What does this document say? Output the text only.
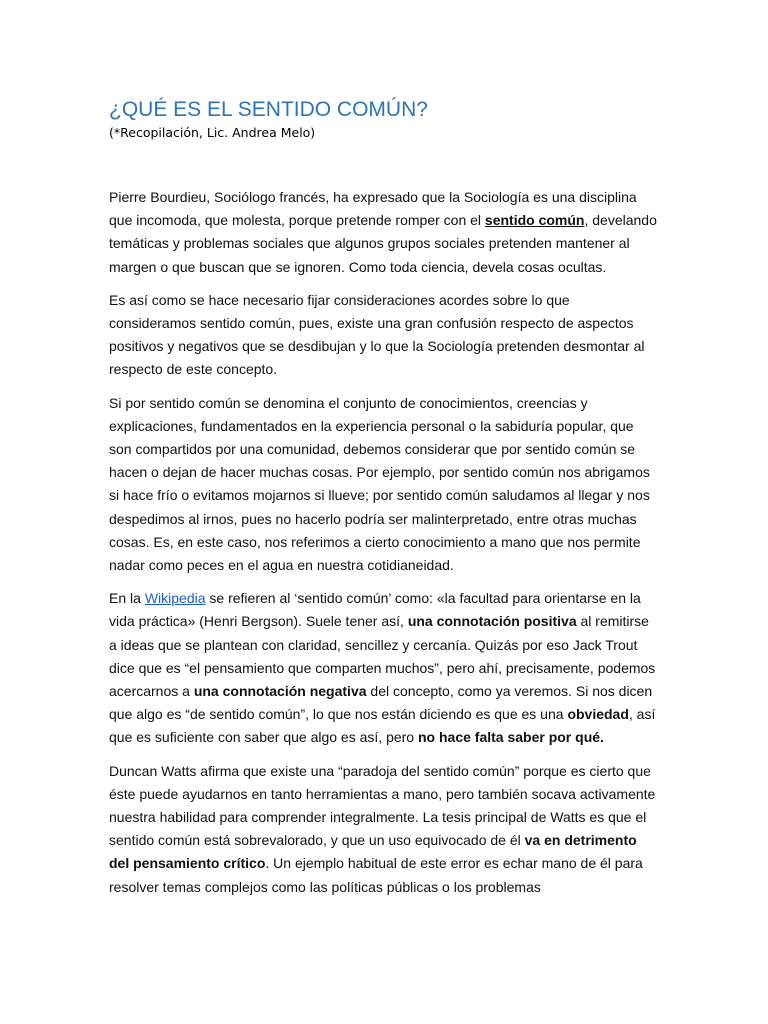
¿QUÉ ES EL SENTIDO COMÚN?

(*Recopilación, Lic. Andrea Melo)

Pierre Bourdieu, Sociólogo francés, ha expresado que la Sociología es una disciplina que incomoda, que molesta, porque pretende romper con el sentido común, develando temáticas y problemas sociales que algunos grupos sociales pretenden mantener al margen o que buscan que se ignoren. Como toda ciencia, devela cosas ocultas.

Es así como se hace necesario fijar consideraciones acordes sobre lo que consideramos sentido común, pues, existe una gran confusión respecto de aspectos positivos y negativos que se desdibujan y lo que la Sociología pretenden desmontar al respecto de este concepto.

Si por sentido común se denomina el conjunto de conocimientos, creencias y explicaciones, fundamentados en la experiencia personal o la sabiduría popular, que son compartidos por una comunidad, debemos considerar que por sentido común se hacen o dejan de hacer muchas cosas. Por ejemplo, por sentido común nos abrigamos si hace frío o evitamos mojarnos si llueve; por sentido común saludamos al llegar y nos despedimos al irnos, pues no hacerlo podría ser malinterpretado, entre otras muchas cosas. Es, en este caso, nos referimos a cierto conocimiento a mano que nos permite nadar como peces en el agua en nuestra cotidianeidad.

En la Wikipedia se refieren al ‘sentido común’ como: «la facultad para orientarse en la vida práctica» (Henri Bergson). Suele tener así, una connotación positiva al remitirse a ideas que se plantean con claridad, sencillez y cercanía. Quizás por eso Jack Trout dice que es “el pensamiento que comparten muchos”, pero ahí, precisamente, podemos acercarnos a una connotación negativa del concepto, como ya veremos. Si nos dicen que algo es “de sentido común”, lo que nos están diciendo es que es una obviedad, así que es suficiente con saber que algo es así, pero no hace falta saber por qué.

Duncan Watts afirma que existe una “paradoja del sentido común” porque es cierto que éste puede ayudarnos en tanto herramientas a mano, pero también socava activamente nuestra habilidad para comprender integralmente. La tesis principal de Watts es que el sentido común está sobrevalorado, y que un uso equivocado de él va en detrimento del pensamiento crítico. Un ejemplo habitual de este error es echar mano de él para resolver temas complejos como las políticas públicas o los problemas
